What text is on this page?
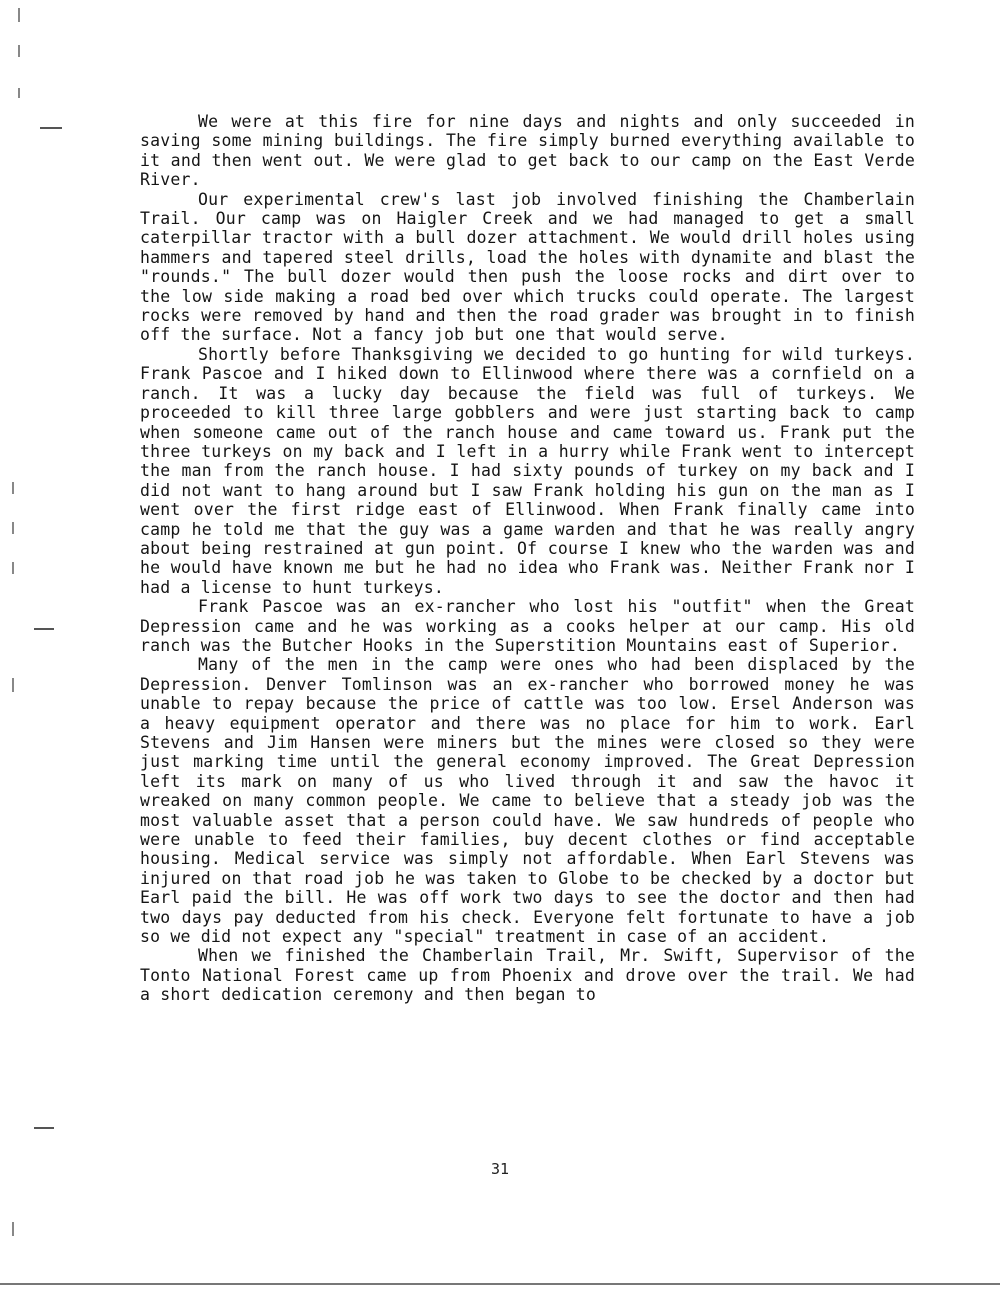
We were at this fire for nine days and nights and only succeeded in saving some mining buildings. The fire simply burned everything available to it and then went out. We were glad to get back to our camp on the East Verde River.

Our experimental crew's last job involved finishing the Chamberlain Trail. Our camp was on Haigler Creek and we had managed to get a small caterpillar tractor with a bull dozer attachment. We would drill holes using hammers and tapered steel drills, load the holes with dynamite and blast the "rounds." The bull dozer would then push the loose rocks and dirt over to the low side making a road bed over which trucks could operate. The largest rocks were removed by hand and then the road grader was brought in to finish off the surface. Not a fancy job but one that would serve.

Shortly before Thanksgiving we decided to go hunting for wild turkeys. Frank Pascoe and I hiked down to Ellinwood where there was a cornfield on a ranch. It was a lucky day because the field was full of turkeys. We proceeded to kill three large gobblers and were just starting back to camp when someone came out of the ranch house and came toward us. Frank put the three turkeys on my back and I left in a hurry while Frank went to intercept the man from the ranch house. I had sixty pounds of turkey on my back and I did not want to hang around but I saw Frank holding his gun on the man as I went over the first ridge east of Ellinwood. When Frank finally came into camp he told me that the guy was a game warden and that he was really angry about being restrained at gun point. Of course I knew who the warden was and he would have known me but he had no idea who Frank was. Neither Frank nor I had a license to hunt turkeys.

Frank Pascoe was an ex-rancher who lost his "outfit" when the Great Depression came and he was working as a cooks helper at our camp. His old ranch was the Butcher Hooks in the Superstition Mountains east of Superior.

Many of the men in the camp were ones who had been displaced by the Depression. Denver Tomlinson was an ex-rancher who borrowed money he was unable to repay because the price of cattle was too low. Ersel Anderson was a heavy equipment operator and there was no place for him to work. Earl Stevens and Jim Hansen were miners but the mines were closed so they were just marking time until the general economy improved. The Great Depression left its mark on many of us who lived through it and saw the havoc it wreaked on many common people. We came to believe that a steady job was the most valuable asset that a person could have. We saw hundreds of people who were unable to feed their families, buy decent clothes or find acceptable housing. Medical service was simply not affordable. When Earl Stevens was injured on that road job he was taken to Globe to be checked by a doctor but Earl paid the bill. He was off work two days to see the doctor and then had two days pay deducted from his check. Everyone felt fortunate to have a job so we did not expect any "special" treatment in case of an accident.

When we finished the Chamberlain Trail, Mr. Swift, Supervisor of the Tonto National Forest came up from Phoenix and drove over the trail. We had a short dedication ceremony and then began to

31
